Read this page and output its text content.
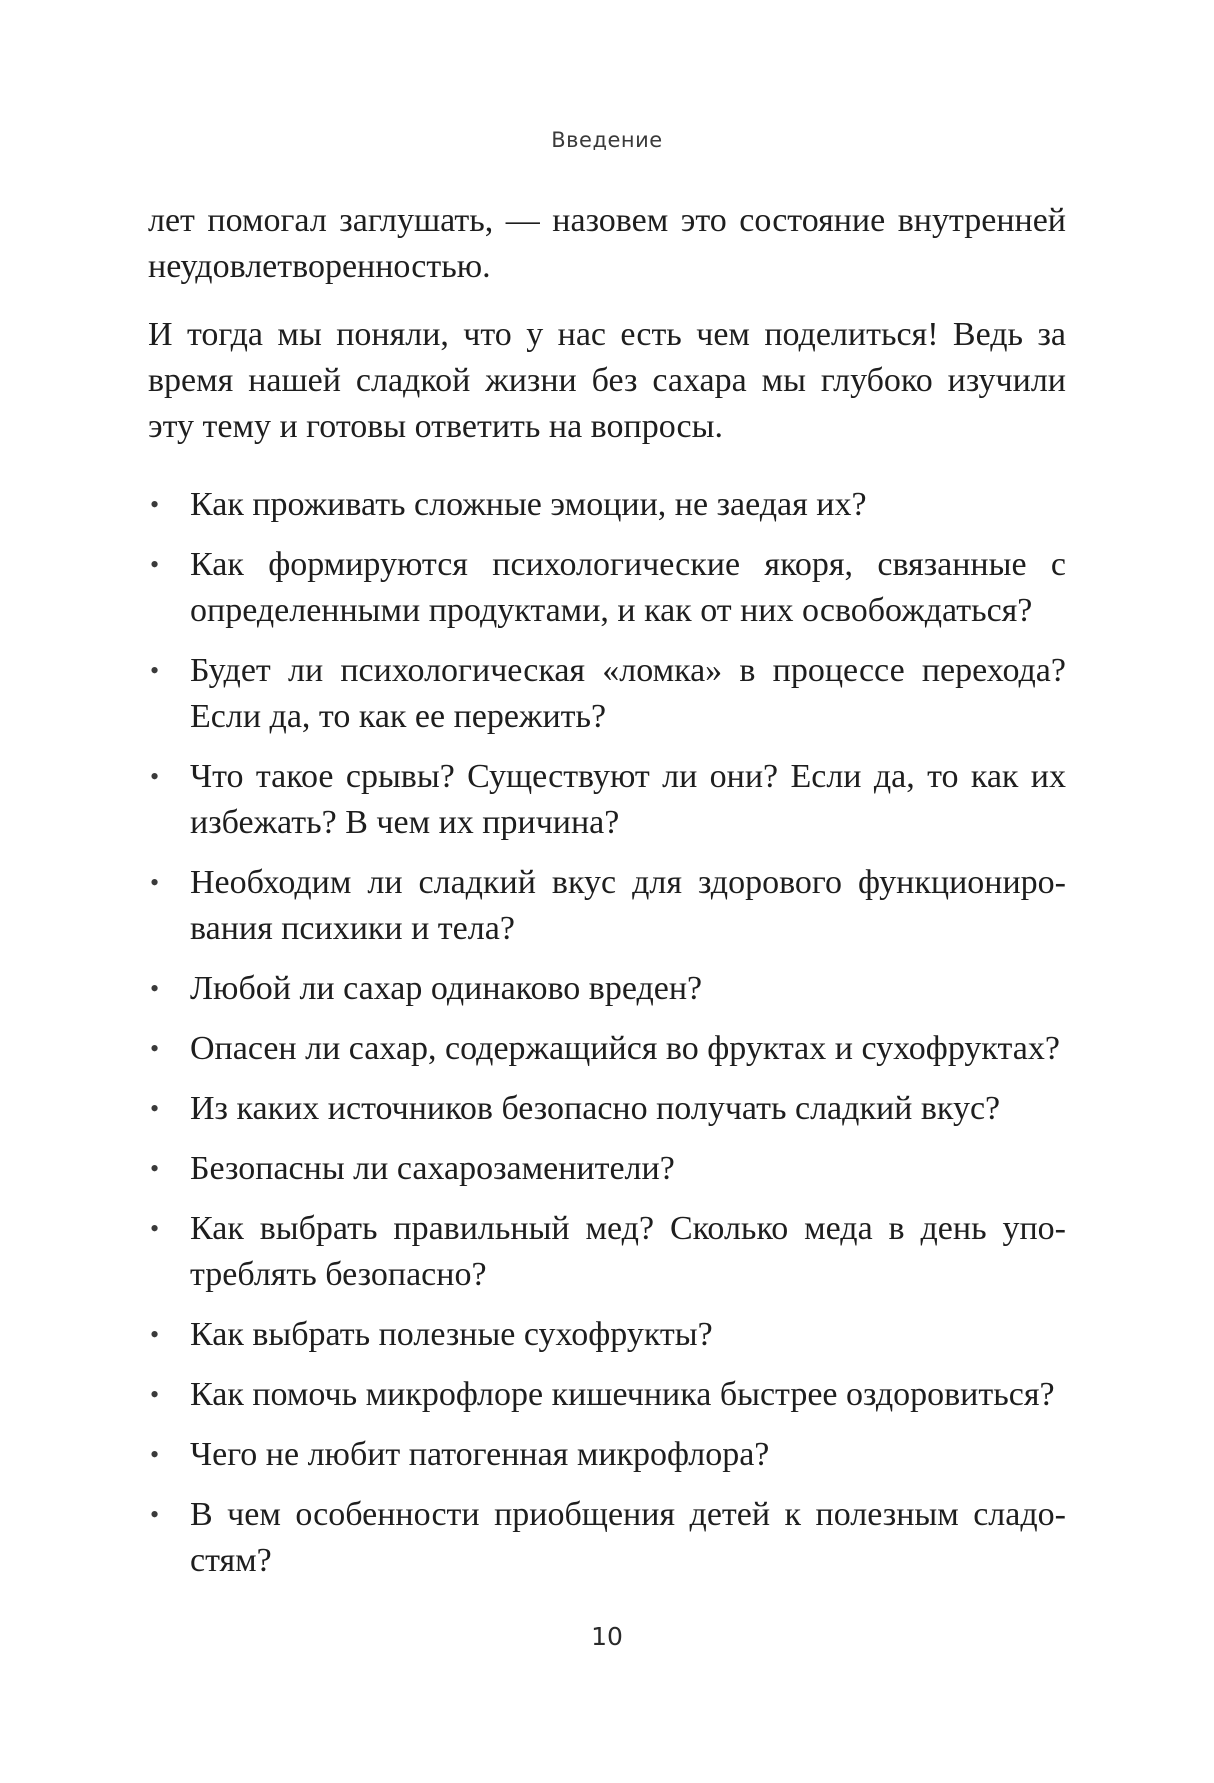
Введение

лет помогал заглушать, — назовем это состояние внутренней неудовлетворенностью.

И тогда мы поняли, что у нас есть чем поделиться! Ведь за время нашей сладкой жизни без сахара мы глубоко изучили эту тему и готовы ответить на вопросы.

• Как проживать сложные эмоции, не заедая их?
• Как формируются психологические якоря, связанные с определенными продуктами, и как от них освобождаться?
• Будет ли психологическая «ломка» в процессе перехода? Если да, то как ее пережить?
• Что такое срывы? Существуют ли они? Если да, то как их избежать? В чем их причина?
• Необходим ли сладкий вкус для здорового функционирования психики и тела?
• Любой ли сахар одинаково вреден?
• Опасен ли сахар, содержащийся во фруктах и сухофруктах?
• Из каких источников безопасно получать сладкий вкус?
• Безопасны ли сахарозаменители?
• Как выбрать правильный мед? Сколько меда в день употреблять безопасно?
• Как выбрать полезные сухофрукты?
• Как помочь микрофлоре кишечника быстрее оздоровиться?
• Чего не любит патогенная микрофлора?
• В чем особенности приобщения детей к полезным сладостям?
10
